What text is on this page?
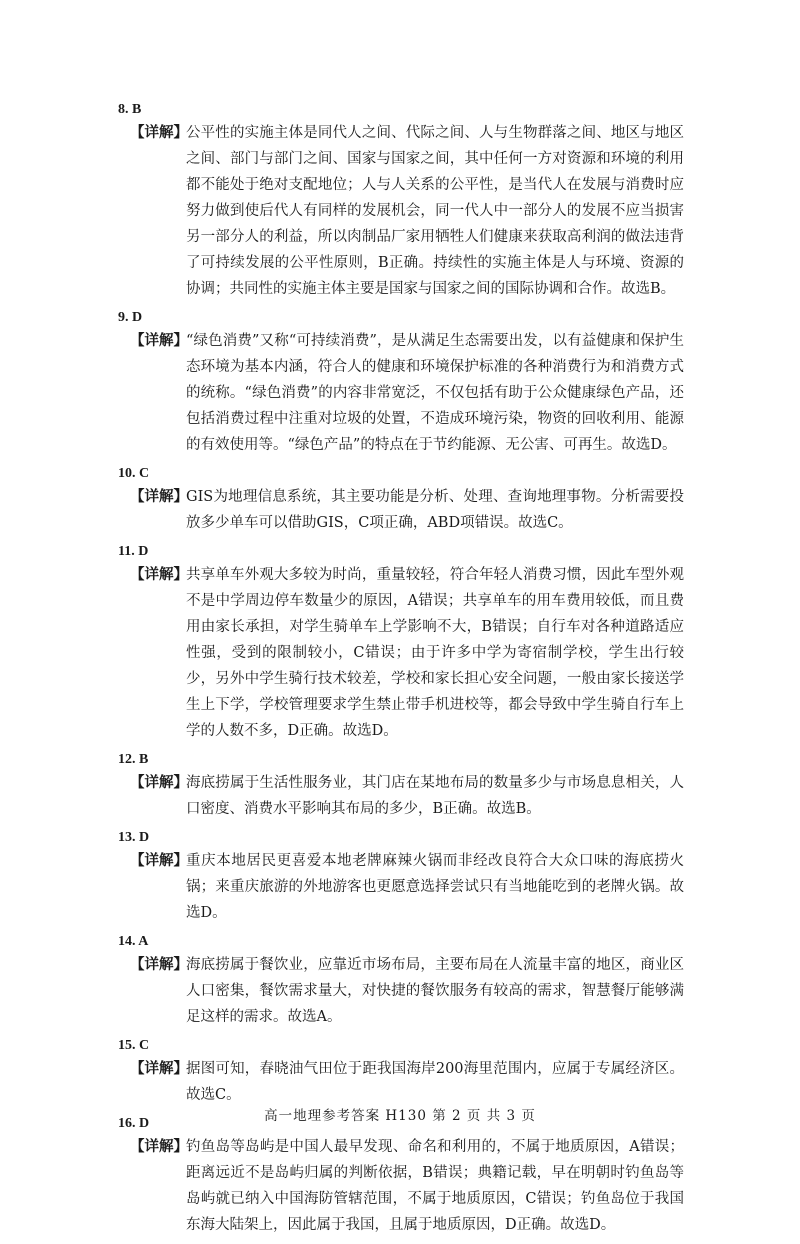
8. B
【详解】
公平性的实施主体是同代人之间、代际之间、人与生物群落之间、地区与地区之间、部门与部门之间、国家与国家之间，其中任何一方对资源和环境的利用都不能处于绝对支配地位；人与人关系的公平性，是当代人在发展与消费时应努力做到使后代人有同样的发展机会，同一代人中一部分人的发展不应当损害另一部分人的利益，所以肉制品厂家用牺牲人们健康来获取高利润的做法违背了可持续发展的公平性原则，B正确。持续性的实施主体是人与环境、资源的协调；共同性的实施主体主要是国家与国家之间的国际协调和合作。故选B。
9. D
【详解】
“绿色消费”又称“可持续消费”，是从满足生态需要出发，以有益健康和保护生态环境为基本内涵，符合人的健康和环境保护标准的各种消费行为和消费方式的统称。“绿色消费”的内容非常宽泛，不仅包括有助于公众健康绿色产品，还包括消费过程中注重对垃圾的处置，不造成环境污染，物资的回收利用、能源的有效使用等。“绿色产品”的特点在于节约能源、无公害、可再生。故选D。
10. C
【详解】
GIS为地理信息系统，其主要功能是分析、处理、查询地理事物。分析需要投放多少单车可以借助GIS，C项正确，ABD项错误。故选C。
11. D
【详解】
共享单车外观大多较为时尚，重量较轻，符合年轻人消费习惯，因此车型外观不是中学周边停车数量少的原因，A错误；共享单车的用车费用较低，而且费用由家长承担，对学生骑单车上学影响不大，B错误；自行车对各种道路适应性强，受到的限制较小，C错误；由于许多中学为寄宿制学校，学生出行较少，另外中学生骑行技术较差，学校和家长担心安全问题，一般由家长接送学生上下学，学校管理要求学生禁止带手机进校等，都会导致中学生骑自行车上学的人数不多，D正确。故选D。
12. B
【详解】
海底捞属于生活性服务业，其门店在某地布局的数量多少与市场息息相关，人口密度、消费水平影响其布局的多少，B正确。故选B。
13. D
【详解】
重庆本地居民更喜爱本地老牌麻辣火锅而非经改良符合大众口味的海底捞火锅；来重庆旅游的外地游客也更愿意选择尝试只有当地能吃到的老牌火锅。故选D。
14. A
【详解】
海底捞属于餐饮业，应靠近市场布局，主要布局在人流量丰富的地区，商业区人口密集，餐饮需求量大，对快捷的餐饮服务有较高的需求，智慧餐厅能够满足这样的需求。故选A。
15. C
【详解】
据图可知，春晓油气田位于距我国海岸200海里范围内，应属于专属经济区。故选C。
16. D
【详解】
钓鱼岛等岛屿是中国人最早发现、命名和利用的，不属于地质原因，A错误；距离远近不是岛屿归属的判断依据，B错误；典籍记载，早在明朝时钓鱼岛等岛屿就已纳入中国海防管辖范围，不属于地质原因，C错误；钓鱼岛位于我国东海大陆架上，因此属于我国，且属于地质原因，D正确。故选D。
高一地理参考答案 H130 第 2 页 共 3 页
